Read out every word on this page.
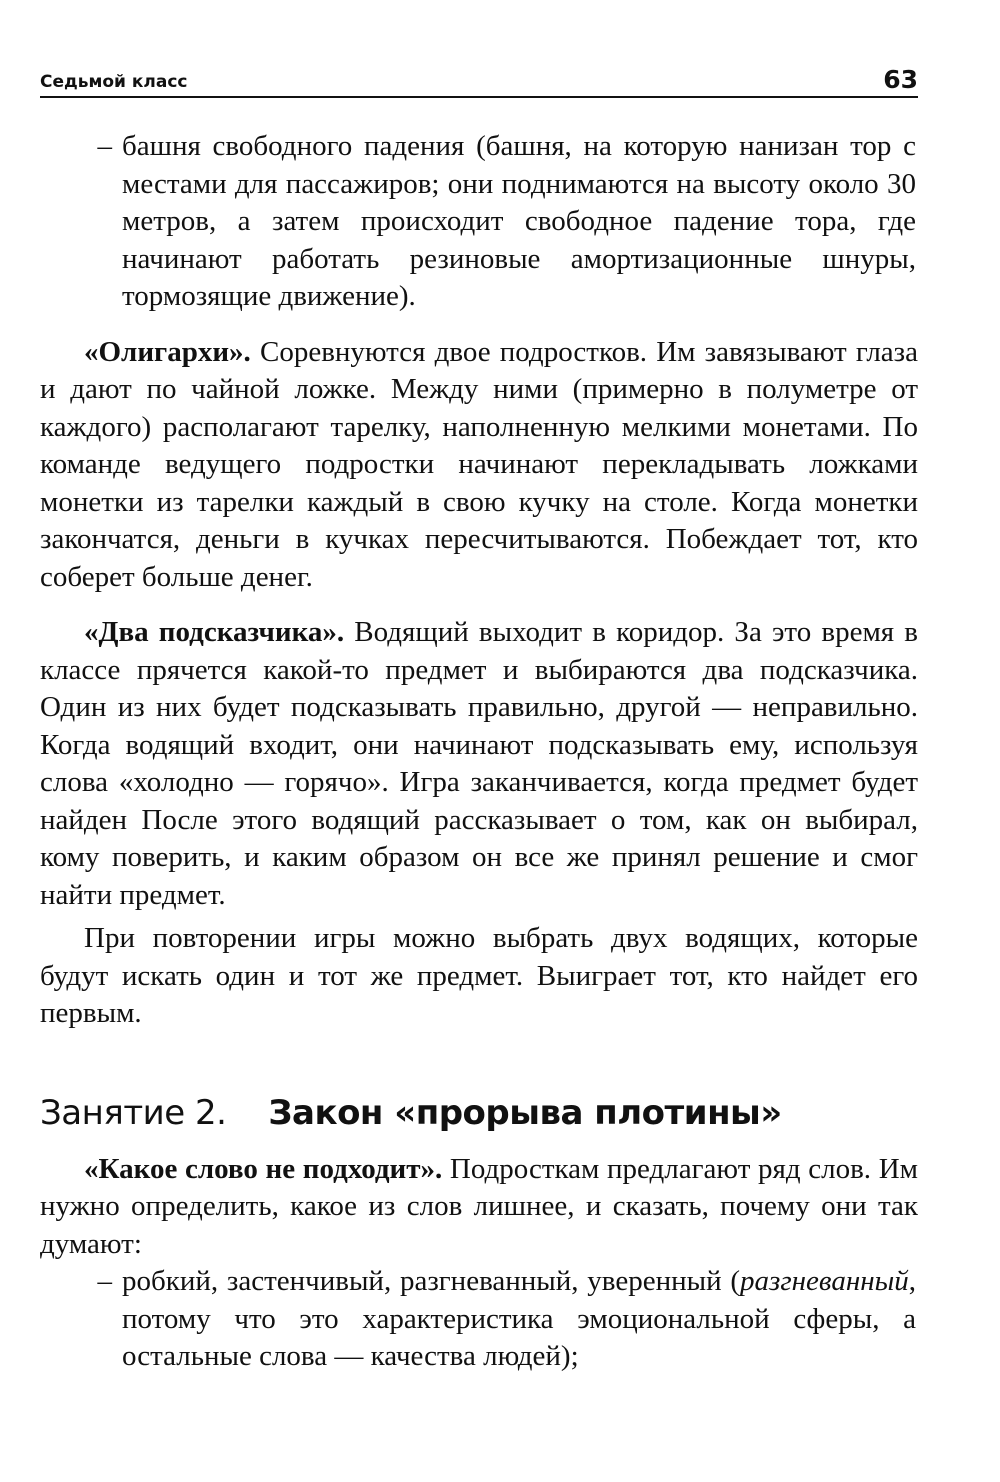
Седьмой класс	63
– башня свободного падения (башня, на которую нанизан тор с местами для пассажиров; они поднимаются на высоту около 30 метров, а затем происходит свободное падение тора, где начинают работать резиновые амортизационные шнуры, тормозящие движение).

«Олигархи». Соревнуются двое подростков. Им завязывают глаза и дают по чайной ложке. Между ними (примерно в полуметре от каждого) располагают тарелку, наполненную мелкими монетами. По команде ведущего подростки начинают перекладывать ложками монетки из тарелки каждый в свою кучку на столе. Когда монетки закончатся, деньги в кучках пересчитываются. Побеждает тот, кто соберет больше денег.

«Два подсказчика». Водящий выходит в коридор. За это время в классе прячется какой-то предмет и выбираются два подсказчика. Один из них будет подсказывать правильно, другой — неправильно. Когда водящий входит, они начинают подсказывать ему, используя слова «холодно — горячо». Игра заканчивается, когда предмет будет найден После этого водящий рассказывает о том, как он выбирал, кому поверить, и каким образом он все же принял решение и смог найти предмет.

При повторении игры можно выбрать двух водящих, которые будут искать один и тот же предмет. Выиграет тот, кто найдет его первым.

Занятие 2. Закон «прорыва плотины»

«Какое слово не подходит». Подросткам предлагают ряд слов. Им нужно определить, какое из слов лишнее, и сказать, почему они так думают:

– робкий, застенчивый, разгневанный, уверенный (разгневанный, потому что это характеристика эмоциональной сферы, а остальные слова — качества людей);
